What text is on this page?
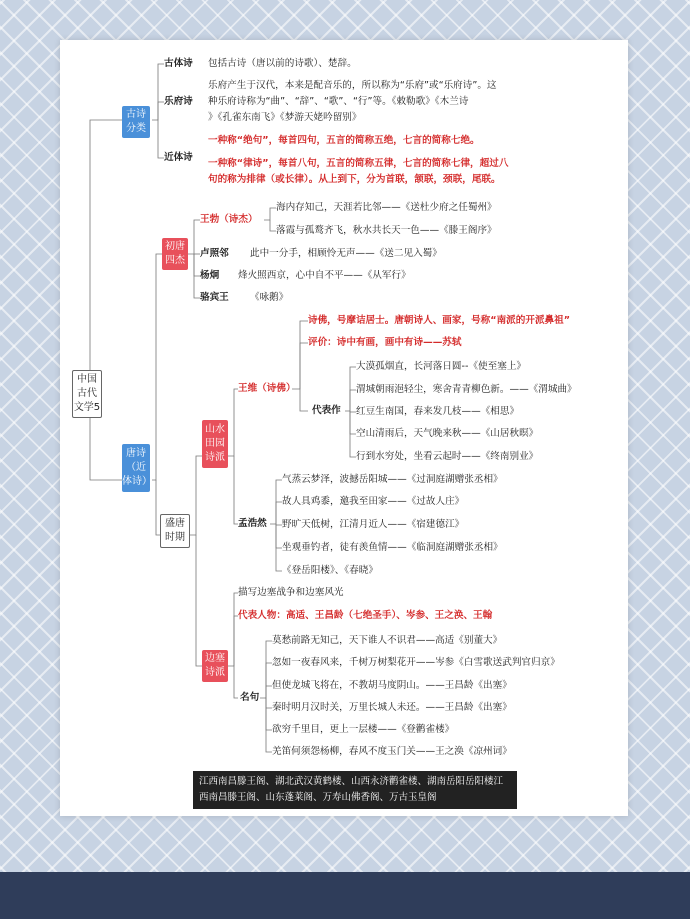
中国古代文学5
古诗分类
古体诗 包括古诗（唐以前的诗歌）、楚辞。
乐府诗
乐府产生于汉代，本来是配音乐的，所以称为“乐府”或“乐府诗”。这
种乐府诗称为“曲”、“辞”、“歌”、“行”等。《敕勒歌》《木兰诗
》《孔雀东南飞》《梦游天姥吟留别》
近体诗
一种称“绝句”，每首四句，五言的简称五绝，七言的简称七绝。
一种称“律诗”，每首八句，五言的简称五律，七言的简称七律，超过八
句的称为排律（或长律）。从上到下，分为首联，颔联，颈联，尾联。
唐诗（近体诗）
初唐四杰
王勃（诗杰）
海内存知己，天涯若比邻——《送杜少府之任蜀州》
落霞与孤鹜齐飞，秋水共长天一色——《滕王阁序》
卢照邻 此中一分手，相顾怜无声——《送二见入蜀》
杨炯 烽火照西京，心中自不平——《从军行》
骆宾王 《咏鹅》
盛唐时期
山水田园诗派
王维（诗佛）
诗佛，号摩诘居士。唐朝诗人、画家，号称“南派的开派鼻祖”
评价：诗中有画，画中有诗——苏轼
代表作
大漠孤烟直，长河落日圆--《使至塞上》
渭城朝雨浥轻尘，寒舍青青柳色新。——《渭城曲》
红豆生南国，春来发几枝——《相思》
空山清雨后，天气晚来秋——《山居秋暝》
行到水穷处，坐看云起时——《终南别业》
孟浩然
气蒸云梦泽，波撼岳阳城——《过洞庭湖赠张丞相》
故人具鸡黍，邀我至田家——《过故人庄》
野旷天低树，江清月近人——《宿建德江》
坐观垂钓者，徒有羡鱼情——《临洞庭湖赠张丞相》
《登岳阳楼》、《春晓》
边塞诗派
描写边塞战争和边塞风光
代表人物：高适、王昌龄（七绝圣手）、岑参、王之涣、王翰
名句
莫愁前路无知己，天下谁人不识君——高适《别董大》
忽如一夜春风来，千树万树梨花开——岑参《白雪歌送武判官归京》
但使龙城飞将在，不教胡马度阴山。——王昌龄《出塞》
秦时明月汉时关，万里长城人未还。——王昌龄《出塞》
欲穷千里目，更上一层楼——《登鹳雀楼》
羌笛何须怨杨柳，春风不度玉门关——王之涣《凉州词》
江西南昌滕王阁、湖北武汉黄鹤楼、山西永济鹳雀楼、湖南岳阳岳阳楼江
西南昌滕王阁、山东蓬莱阁、万寿山佛香阁、万古玉皇阁
